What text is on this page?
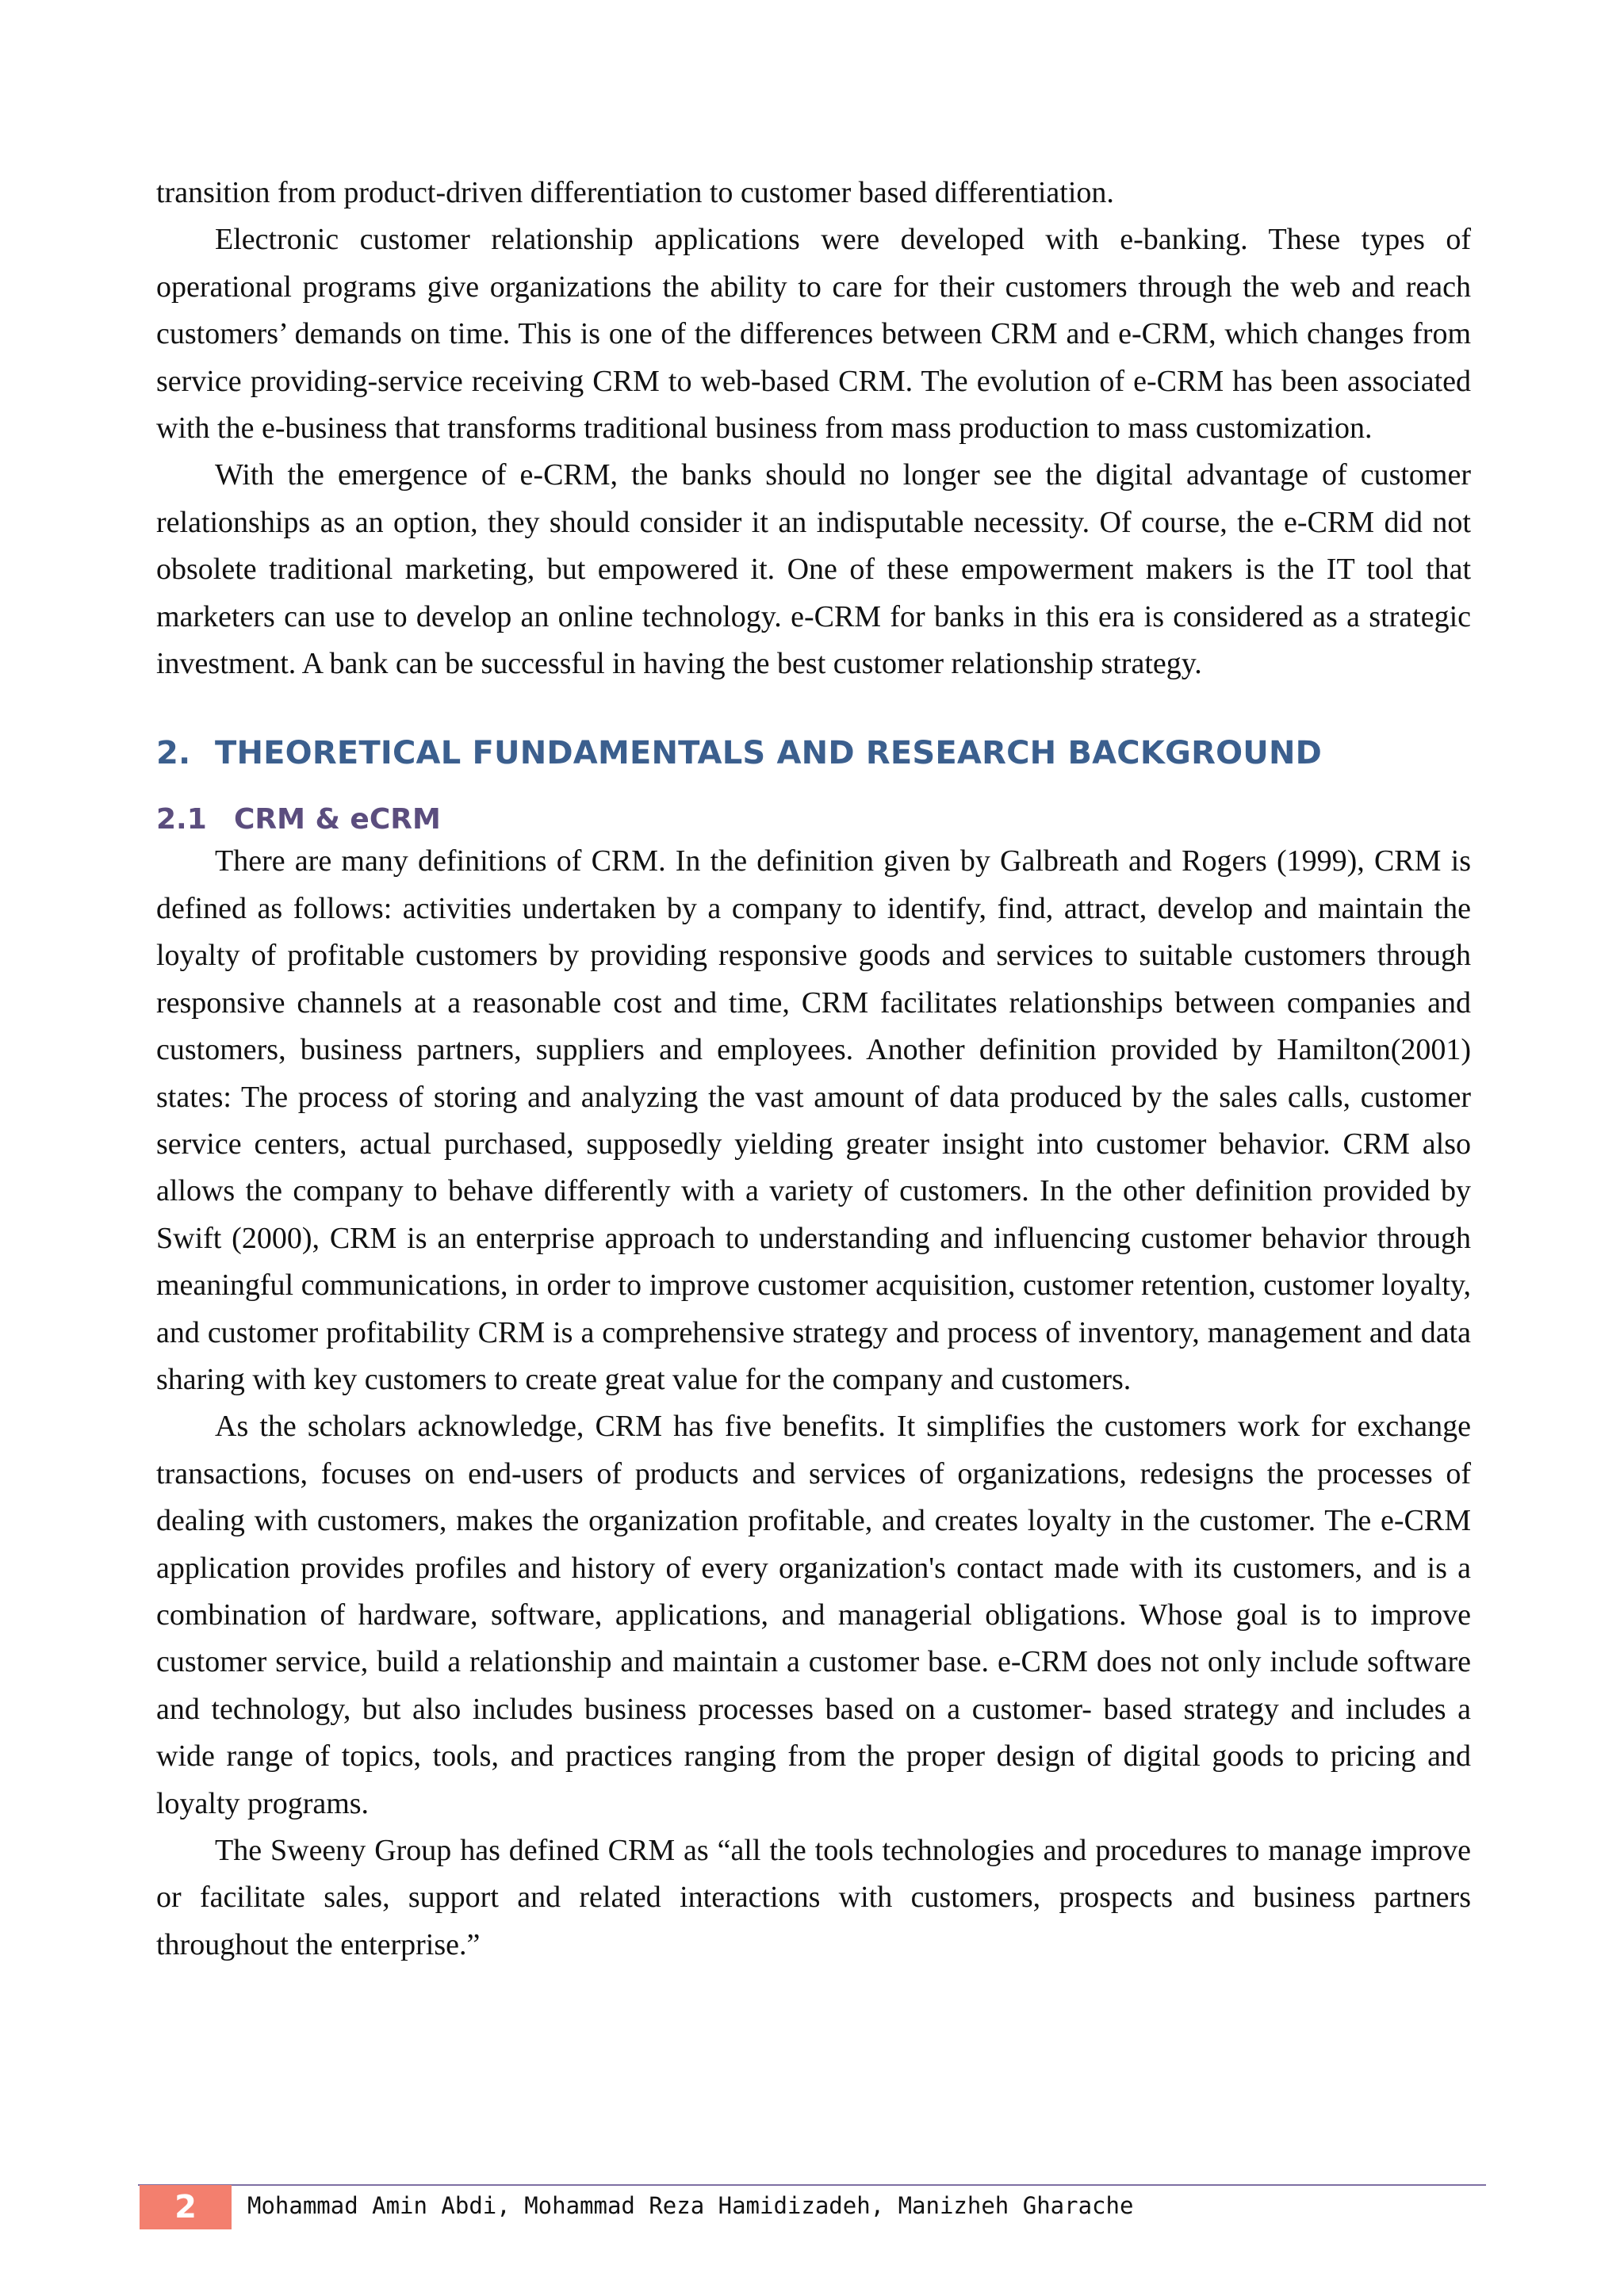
transition from product-driven differentiation to customer based differentiation.

Electronic customer relationship applications were developed with e-banking. These types of operational programs give organizations the ability to care for their customers through the web and reach customers’ demands on time. This is one of the differences between CRM and e-CRM, which changes from service providing-service receiving CRM to web-based CRM. The evolution of e-CRM has been associated with the e-business that transforms traditional business from mass production to mass customization.

With the emergence of e-CRM, the banks should no longer see the digital advantage of customer relationships as an option, they should consider it an indisputable necessity. Of course, the e-CRM did not obsolete traditional marketing, but empowered it. One of these empowerment makers is the IT tool that marketers can use to develop an online technology. e-CRM for banks in this era is considered as a strategic investment. A bank can be successful in having the best customer relationship strategy.

2. THEORETICAL FUNDAMENTALS AND RESEARCH BACKGROUND
2.1 CRM & eCRM

There are many definitions of CRM. In the definition given by Galbreath and Rogers (1999), CRM is defined as follows: activities undertaken by a company to identify, find, attract, develop and maintain the loyalty of profitable customers by providing responsive goods and services to suitable customers through responsive channels at a reasonable cost and time, CRM facilitates relationships between companies and customers, business partners, suppliers and employees. Another definition provided by Hamilton(2001) states: The process of storing and analyzing the vast amount of data produced by the sales calls, customer service centers, actual purchased, supposedly yielding greater insight into customer behavior. CRM also allows the company to behave differently with a variety of customers. In the other definition provided by Swift (2000), CRM is an enterprise approach to understanding and influencing customer behavior through meaningful communications, in order to improve customer acquisition, customer retention, customer loyalty, and customer profitability CRM is a comprehensive strategy and process of inventory, management and data sharing with key customers to create great value for the company and customers.

As the scholars acknowledge, CRM has five benefits. It simplifies the customers work for exchange transactions, focuses on end-users of products and services of organizations, redesigns the processes of dealing with customers, makes the organization profitable, and creates loyalty in the customer. The e-CRM application provides profiles and history of every organization's contact made with its customers, and is a combination of hardware, software, applications, and managerial obligations. Whose goal is to improve customer service, build a relationship and maintain a customer base. e-CRM does not only include software and technology, but also includes business processes based on a customer- based strategy and includes a wide range of topics, tools, and practices ranging from the proper design of digital goods to pricing and loyalty programs.

The Sweeny Group has defined CRM as “all the tools technologies and procedures to manage improve or facilitate sales, support and related interactions with customers, prospects and business partners throughout the enterprise.”

2 Mohammad Amin Abdi, Mohammad Reza Hamidizadeh, Manizheh Gharache
